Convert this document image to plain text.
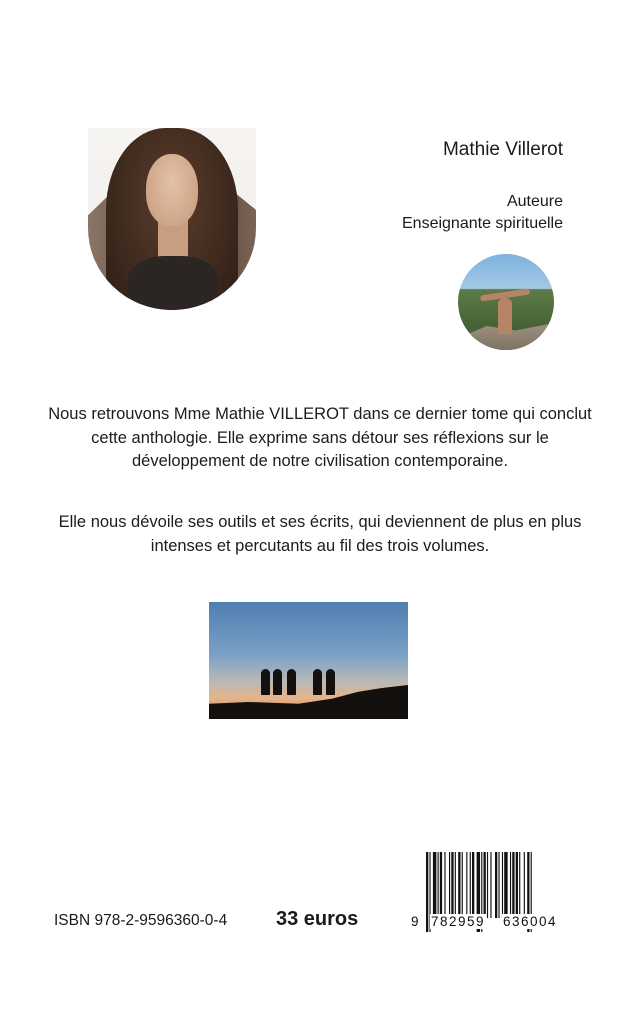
Mathie Villerot
Auteure
Enseignante spirituelle
Nous retrouvons Mme Mathie VILLEROT dans ce dernier tome qui conclut cette anthologie. Elle exprime sans détour ses réflexions sur le développement de notre civilisation contemporaine.
Elle nous dévoile ses outils et ses écrits, qui deviennent de plus en plus intenses et percutants au fil des trois volumes.
ISBN 978-2-9596360-0-4 33 euros	9 782959 636004
